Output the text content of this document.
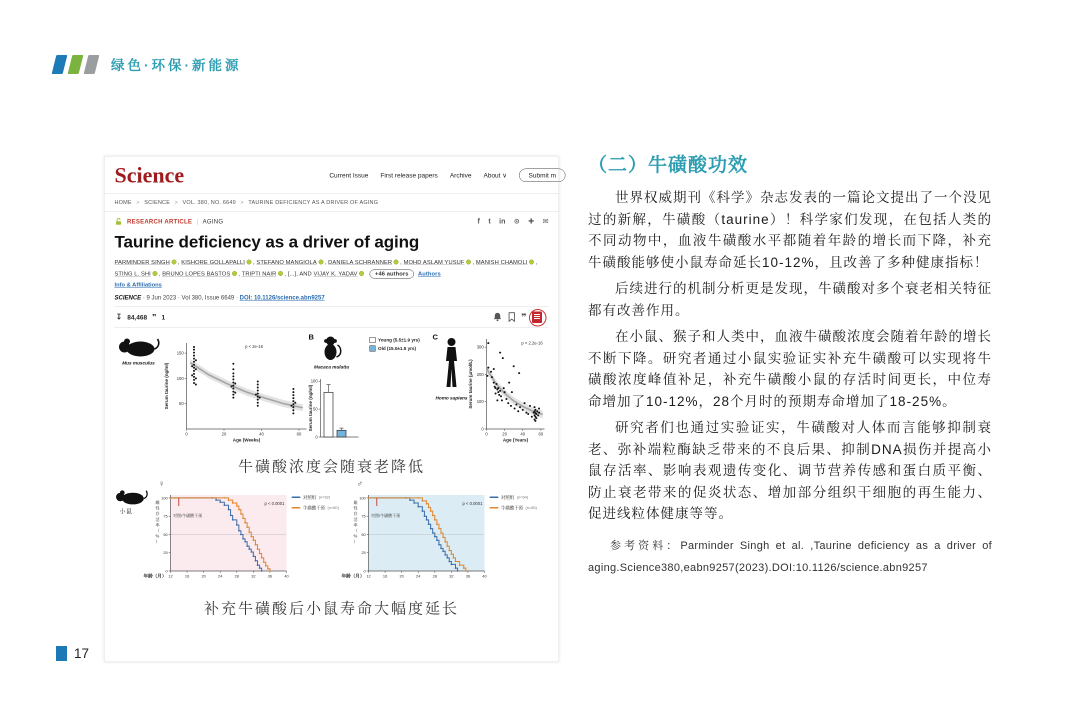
绿色·环保·新能源
Science	Current Issue First release papers Archive About ∨	Submit m
HOME > SCIENCE > VOL. 380, NO. 6649 > TAURINE DEFICIENCY AS A DRIVER OF AGING
RESEARCH ARTICLE | AGING	f t in ⊙ ✚ ✉
Taurine deficiency as a driver of aging
PARMINDER SINGH , KISHORE GOLLAPALLI , STEFANO MANGIOLA , DANIELA SCHRANNER , MOHD ASLAM YUSUF , MANISH CHAMOLI , STING L. SHI , BRUNO LOPES BASTOS , TRIPTI NAIR , [...], AND VIJAY K. YADAV +46 authors Authors
Info & Affiliations
SCIENCE · 9 Jun 2023 · Vol 380, Issue 6649 · DOI: 10.1126/science.abn9257
↧ 84,468 ❞ 1	❞
Mus musculus
0	20	40	60
50
100
150
Age (Weeks)
Serum taurine (ng/ml)
p < 2e-16
B
Macaca mulatta
0
50
100
Serum taurine (ng/ml)
Young (5.5±1.9 yrs)
Old (15.0±1.5 yrs)
C
Homo sapiens
0	20	40	60
0
100
200
300
Age (Years)
Serum taurine (μmol/L)
p < 2.2e-16
牛磺酸浓度会随衰老降低
小鼠
♀
12	16	20	24	28	32	36	40
0
25
50
75
100
年龄（月）
雌
性
存
活
率
（
%
）
对照/牛磺酸干预
p < 0.0001
对照组 (n=62)
牛磺酸干预 (n=60)
♂
12	16	20	24	28	32	36	40
0
25
50
75
100
年龄（月）
雄
性
存
活
率
（
%
）
对照/牛磺酸干预
p < 0.0001
对照组 (n=64)
牛磺酸干预 (n=65)
补充牛磺酸后小鼠寿命大幅度延长
（二）牛磺酸功效

世界权威期刊《科学》杂志发表的一篇论文提出了一个没见过的新解，牛磺酸（taurine）！科学家们发现，在包括人类的不同动物中，血液牛磺酸水平都随着年龄的增长而下降，补充牛磺酸能够使小鼠寿命延长10-12%，且改善了多种健康指标！

后续进行的机制分析更是发现，牛磺酸对多个衰老相关特征都有改善作用。

在小鼠、猴子和人类中，血液牛磺酸浓度会随着年龄的增长不断下降。研究者通过小鼠实验证实补充牛磺酸可以实现将牛磺酸浓度峰值补足，补充牛磺酸小鼠的存活时间更长，中位寿命增加了10-12%，28个月时的预期寿命增加了18-25%。

研究者们也通过实验证实，牛磺酸对人体而言能够抑制衰老、弥补端粒酶缺乏带来的不良后果、抑制DNA损伤并提高小鼠存活率、影响表观遗传变化、调节营养传感和蛋白质平衡、防止衰老带来的促炎状态、增加部分组织干细胞的再生能力、促进线粒体健康等等。

参考资料：Parminder Singh et al. ,Taurine deficiency as a driver of aging.Science380,eabn9257(2023).DOI:10.1126/science.abn9257

17
